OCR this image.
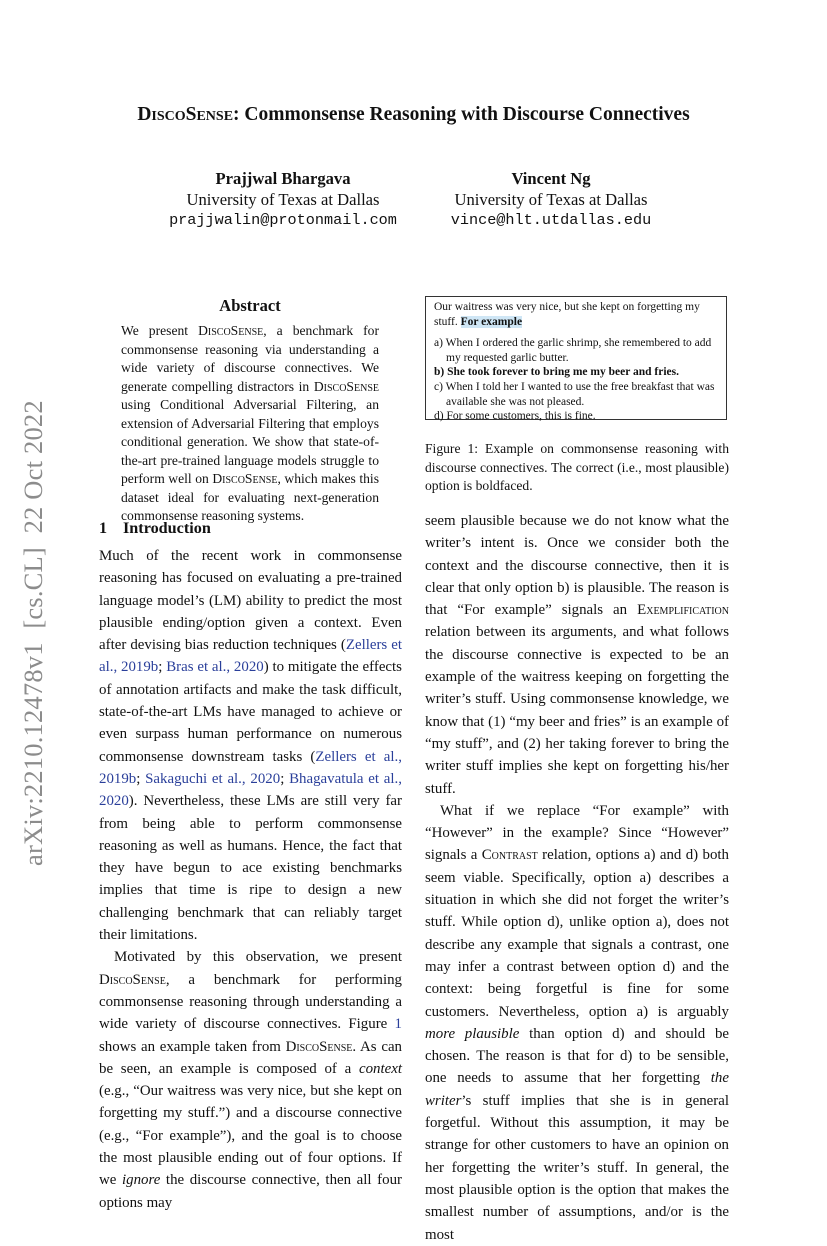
arXiv:2210.12478v1  [cs.CL]  22 Oct 2022
DiscoSense: Commonsense Reasoning with Discourse Connectives
Prajjwal Bhargava
University of Texas at Dallas
prajjwalin@protonmail.com
Vincent Ng
University of Texas at Dallas
vince@hlt.utdallas.edu
Abstract
We present DiscoSense, a benchmark for commonsense reasoning via understanding a wide variety of discourse connectives. We generate compelling distractors in DiscoSense using Conditional Adversarial Filtering, an extension of Adversarial Filtering that employs conditional generation. We show that state-of-the-art pre-trained language models struggle to perform well on DiscoSense, which makes this dataset ideal for evaluating next-generation commonsense reasoning systems.
Our waitress was very nice, but she kept on forgetting my stuff. For example
a) When I ordered the garlic shrimp, she remembered to add my requested garlic butter.
b) She took forever to bring me my beer and fries.
c) When I told her I wanted to use the free breakfast that was available she was not pleased.
d) For some customers, this is fine.
Figure 1: Example on commonsense reasoning with discourse connectives. The correct (i.e., most plausible) option is boldfaced.
1 Introduction

Much of the recent work in commonsense reasoning has focused on evaluating a pre-trained language model’s (LM) ability to predict the most plausible ending/option given a context. Even after devising bias reduction techniques (Zellers et al., 2019b; Bras et al., 2020) to mitigate the effects of annotation artifacts and make the task difficult, state-of-the-art LMs have managed to achieve or even surpass human performance on numerous commonsense downstream tasks (Zellers et al., 2019b; Sakaguchi et al., 2020; Bhagavatula et al., 2020). Nevertheless, these LMs are still very far from being able to perform commonsense reasoning as well as humans. Hence, the fact that they have begun to ace existing benchmarks implies that time is ripe to design a new challenging benchmark that can reliably target their limitations.

Motivated by this observation, we present DiscoSense, a benchmark for performing commonsense reasoning through understanding a wide variety of discourse connectives. Figure 1 shows an example taken from DiscoSense. As can be seen, an example is composed of a context (e.g., “Our waitress was very nice, but she kept on forgetting my stuff.”) and a discourse connective (e.g., “For example”), and the goal is to choose the most plausible ending out of four options. If we ignore the discourse connective, then all four options may

seem plausible because we do not know what the writer’s intent is. Once we consider both the context and the discourse connective, then it is clear that only option b) is plausible. The reason is that “For example” signals an Exemplification relation between its arguments, and what follows the discourse connective is expected to be an example of the waitress keeping on forgetting the writer’s stuff. Using commonsense knowledge, we know that (1) “my beer and fries” is an example of “my stuff”, and (2) her taking forever to bring the writer stuff implies she kept on forgetting his/her stuff.

What if we replace “For example” with “However” in the example? Since “However” signals a Contrast relation, options a) and d) both seem viable. Specifically, option a) describes a situation in which she did not forget the writer’s stuff. While option d), unlike option a), does not describe any example that signals a contrast, one may infer a contrast between option d) and the context: being forgetful is fine for some customers. Nevertheless, option a) is arguably more plausible than option d) and should be chosen. The reason is that for d) to be sensible, one needs to assume that her forgetting the writer’s stuff implies that she is in general forgetful. Without this assumption, it may be strange for other customers to have an opinion on her forgetting the writer’s stuff. In general, the most plausible option is the option that makes the smallest number of assumptions, and/or is the most
